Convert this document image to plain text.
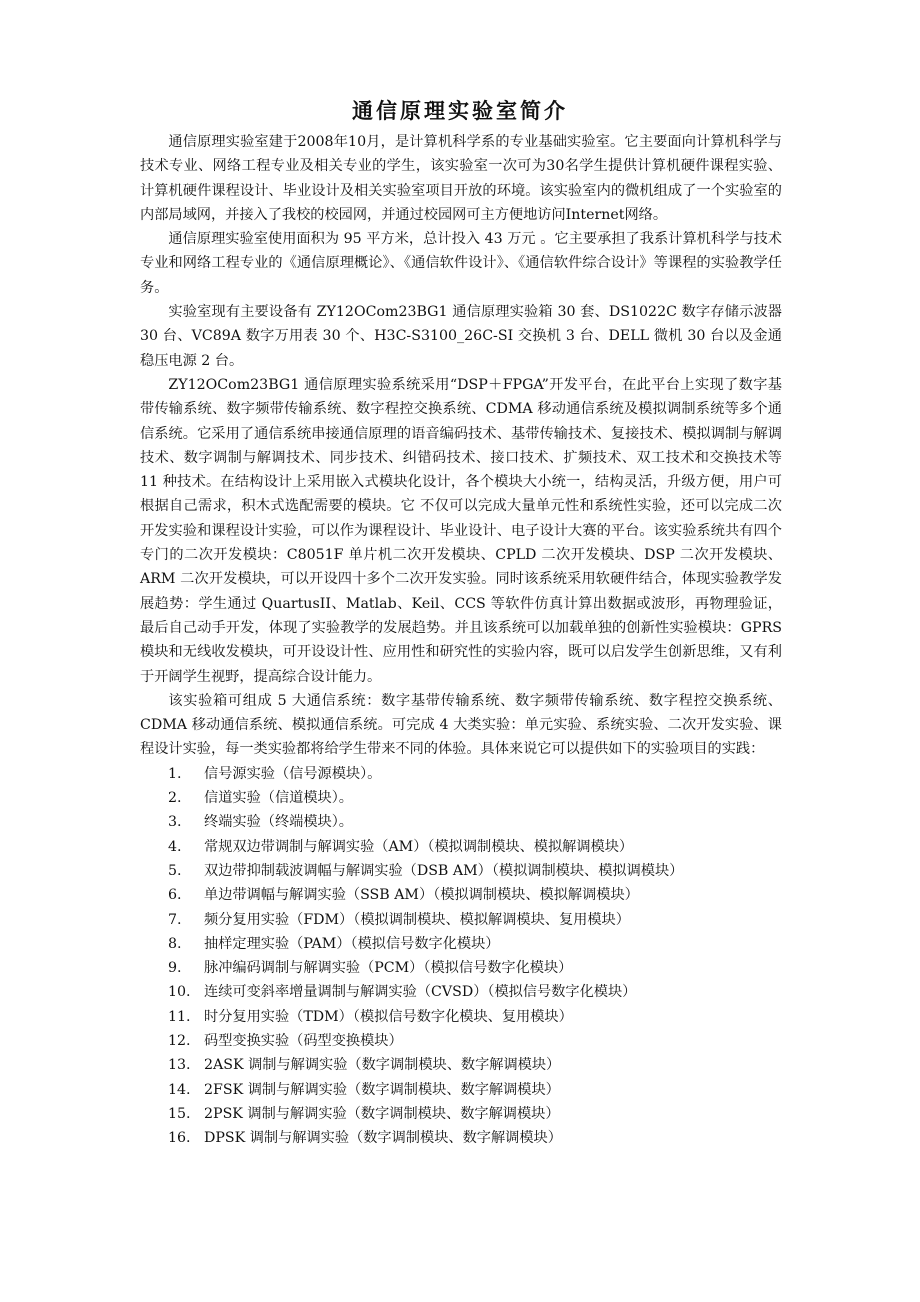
通信原理实验室简介

通信原理实验室建于2008年10月，是计算机科学系的专业基础实验室。它主要面向计算机科学与技术专业、网络工程专业及相关专业的学生，该实验室一次可为30名学生提供计算机硬件课程实验、计算机硬件课程设计、毕业设计及相关实验室项目开放的环境。该实验室内的微机组成了一个实验室的内部局域网，并接入了我校的校园网，并通过校园网可主方便地访问Internet网络。

通信原理实验室使用面积为 95 平方米，总计投入 43 万元 。它主要承担了我系计算机科学与技术专业和网络工程专业的《通信原理概论》、《通信软件设计》、《通信软件综合设计》等课程的实验教学任务。

实验室现有主要设备有 ZY12OCom23BG1 通信原理实验箱 30 套、DS1022C 数字存储示波器 30 台、VC89A 数字万用表 30 个、H3C-S3100_26C-SI 交换机 3 台、DELL 微机 30 台以及金通稳压电源 2 台。

ZY12OCom23BG1 通信原理实验系统采用“DSP＋FPGA”开发平台，在此平台上实现了数字基带传输系统、数字频带传输系统、数字程控交换系统、CDMA 移动通信系统及模拟调制系统等多个通信系统。它采用了通信系统串接通信原理的语音编码技术、基带传输技术、复接技术、模拟调制与解调技术、数字调制与解调技术、同步技术、纠错码技术、接口技术、扩频技术、双工技术和交换技术等 11 种技术。在结构设计上采用嵌入式模块化设计，各个模块大小统一，结构灵活，升级方便，用户可根据自己需求，积木式选配需要的模块。它 不仅可以完成大量单元性和系统性实验，还可以完成二次开发实验和课程设计实验，可以作为课程设计、毕业设计、电子设计大赛的平台。该实验系统共有四个专门的二次开发模块：C8051F 单片机二次开发模块、CPLD 二次开发模块、DSP 二次开发模块、ARM 二次开发模块，可以开设四十多个二次开发实验。同时该系统采用软硬件结合，体现实验教学发展趋势：学生通过 QuartusII、Matlab、Keil、CCS 等软件仿真计算出数据或波形，再物理验证，最后自己动手开发，体现了实验教学的发展趋势。并且该系统可以加载单独的创新性实验模块：GPRS 模块和无线收发模块，可开设设计性、应用性和研究性的实验内容，既可以启发学生创新思维，又有利于开阔学生视野，提高综合设计能力。

该实验箱可组成 5 大通信系统：数字基带传输系统、数字频带传输系统、数字程控交换系统、CDMA 移动通信系统、模拟通信系统。可完成 4 大类实验：单元实验、系统实验、二次开发实验、课程设计实验，每一类实验都将给学生带来不同的体验。具体来说它可以提供如下的实验项目的实践：

1. 信号源实验（信号源模块）。
2. 信道实验（信道模块）。
3. 终端实验（终端模块）。
4. 常规双边带调制与解调实验（AM）（模拟调制模块、模拟解调模块）
5. 双边带抑制载波调幅与解调实验（DSB AM）（模拟调制模块、模拟调模块）
6. 单边带调幅与解调实验（SSB AM）（模拟调制模块、模拟解调模块）
7. 频分复用实验（FDM）（模拟调制模块、模拟解调模块、复用模块）
8. 抽样定理实验（PAM）（模拟信号数字化模块）
9. 脉冲编码调制与解调实验（PCM）（模拟信号数字化模块）
10. 连续可变斜率增量调制与解调实验（CVSD）（模拟信号数字化模块）
11. 时分复用实验（TDM）（模拟信号数字化模块、复用模块）
12. 码型变换实验（码型变换模块）
13. 2ASK 调制与解调实验（数字调制模块、数字解调模块）
14. 2FSK 调制与解调实验（数字调制模块、数字解调模块）
15. 2PSK 调制与解调实验（数字调制模块、数字解调模块）
16. DPSK 调制与解调实验（数字调制模块、数字解调模块）
